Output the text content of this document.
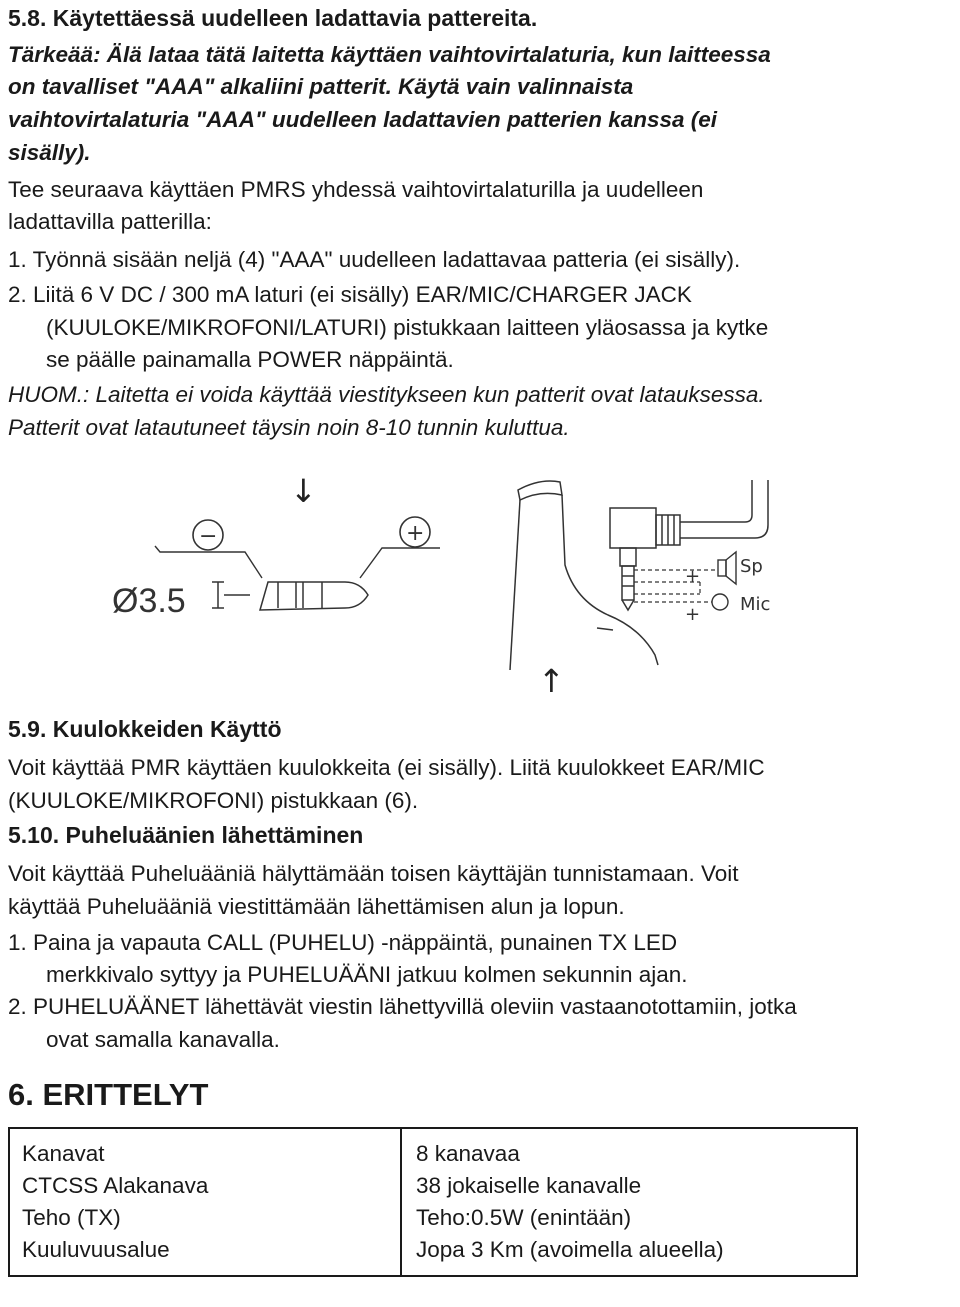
5.8. Käytettäessä uudelleen ladattavia pattereita.
Tärkeää: Älä lataa tätä laitetta käyttäen vaihtovirtalaturia, kun laitteessa
on tavalliset "AAA" alkaliini patterit. Käytä vain valinnaista
vaihtovirtalaturia "AAA" uudelleen ladattavien patterien kanssa (ei
sisälly).
Tee seuraava käyttäen PMRS yhdessä vaihtovirtalaturilla ja uudelleen
ladattavilla patterilla:
1. Työnnä sisään neljä (4) "AAA" uudelleen ladattavaa patteria (ei sisälly).
2. Liitä 6 V DC / 300 mA laturi (ei sisälly) EAR/MIC/CHARGER JACK
(KUULOKE/MIKROFONI/LATURI) pistukkaan laitteen yläosassa ja kytke
se päälle painamalla POWER näppäintä.
HUOM.: Laitetta ei voida käyttää viestitykseen kun patterit ovat latauksessa.
Patterit ovat latautuneet täysin noin 8-10 tunnin kuluttua.
↓
−	+
Ø3.5
+
+
Sp
Mic
↑
5.9. Kuulokkeiden Käyttö
Voit käyttää PMR käyttäen kuulokkeita (ei sisälly). Liitä kuulokkeet EAR/MIC
(KUULOKE/MIKROFONI) pistukkaan (6).
5.10. Puheluäänien lähettäminen
Voit käyttää Puheluääniä hälyttämään toisen käyttäjän tunnistamaan. Voit
käyttää Puheluääniä viestittämään lähettämisen alun ja lopun.
1. Paina ja vapauta CALL (PUHELU) -näppäintä, punainen TX LED
merkkivalo syttyy ja PUHELUÄÄNI jatkuu kolmen sekunnin ajan.
2. PUHELUÄÄNET lähettävät viestin lähettyvillä oleviin vastaanotottamiin, jotka
ovat samalla kanavalla.
6. ERITTELYT
Kanavat
CTCSS Alakanava
Teho (TX)
Kuuluvuusalue
8 kanavaa
38 jokaiselle kanavalle
Teho:0.5W (enintään)
Jopa 3 Km (avoimella alueella)
